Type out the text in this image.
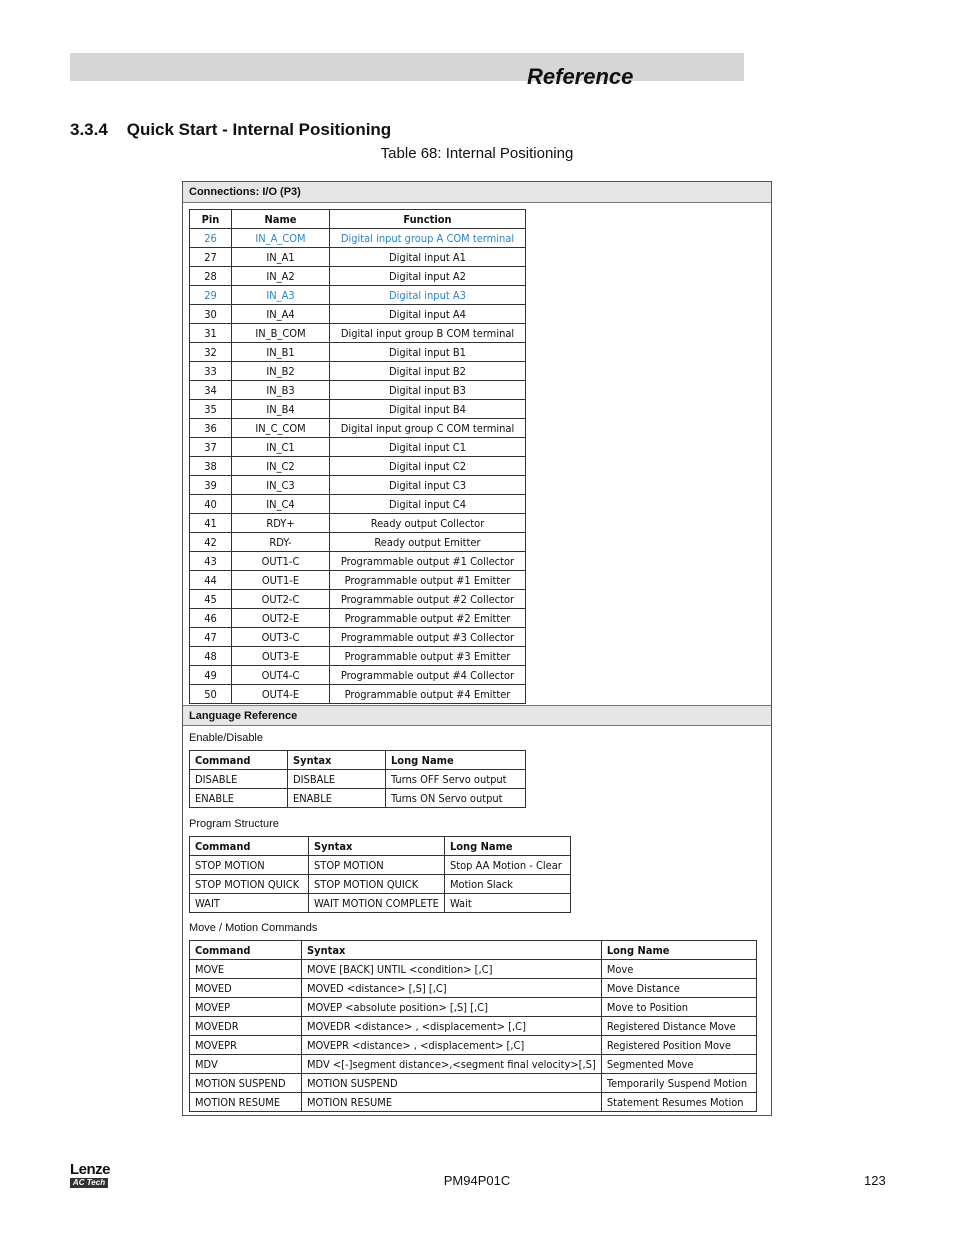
Reference
3.3.4 Quick Start - Internal Positioning
Table 68: Internal Positioning
Connections: I/O (P3)
Pin	Name	Function
26	IN_A_COM	Digital input group A COM terminal
27	IN_A1	Digital input A1
28	IN_A2	Digital input A2
29	IN_A3	Digital input A3
30	IN_A4	Digital input A4
31	IN_B_COM	Digital input group B COM terminal
32	IN_B1	Digital input B1
33	IN_B2	Digital input B2
34	IN_B3	Digital input B3
35	IN_B4	Digital input B4
36	IN_C_COM	Digital input group C COM terminal
37	IN_C1	Digital input C1
38	IN_C2	Digital input C2
39	IN_C3	Digital input C3
40	IN_C4	Digital input C4
41	RDY+	Ready output Collector
42	RDY-	Ready output Emitter
43	OUT1-C	Programmable output #1 Collector
44	OUT1-E	Programmable output #1 Emitter
45	OUT2-C	Programmable output #2 Collector
46	OUT2-E	Programmable output #2 Emitter
47	OUT3-C	Programmable output #3 Collector
48	OUT3-E	Programmable output #3 Emitter
49	OUT4-C	Programmable output #4 Collector
50	OUT4-E	Programmable output #4 Emitter
Language Reference
Enable/Disable
Command	Syntax	Long Name
DISABLE	DISBALE	Turns OFF Servo output
ENABLE	ENABLE	Turns ON Servo output
Program Structure
Command	Syntax	Long Name
STOP MOTION	STOP MOTION	Stop AA Motion - Clear
STOP MOTION QUICK	STOP MOTION QUICK	Motion Slack
WAIT	WAIT MOTION COMPLETE	Wait
Move / Motion Commands
Command	Syntax	Long Name
MOVE	MOVE [BACK] UNTIL <condition> [,C]	Move
MOVED	MOVED <distance> [,S] [,C]	Move Distance
MOVEP	MOVEP <absolute position> [,S] [,C]	Move to Position
MOVEDR	MOVEDR <distance> , <displacement> [,C]	Registered Distance Move
MOVEPR	MOVEPR <distance> , <displacement> [,C]	Registered Position Move
MDV	MDV <[-]segment distance>,<segment final velocity>[,S]	Segmented Move
MOTION SUSPEND	MOTION SUSPEND	Temporarily Suspend Motion
MOTION RESUME	MOTION RESUME	Statement Resumes Motion
Lenze
AC Tech	PM94P01C	123
